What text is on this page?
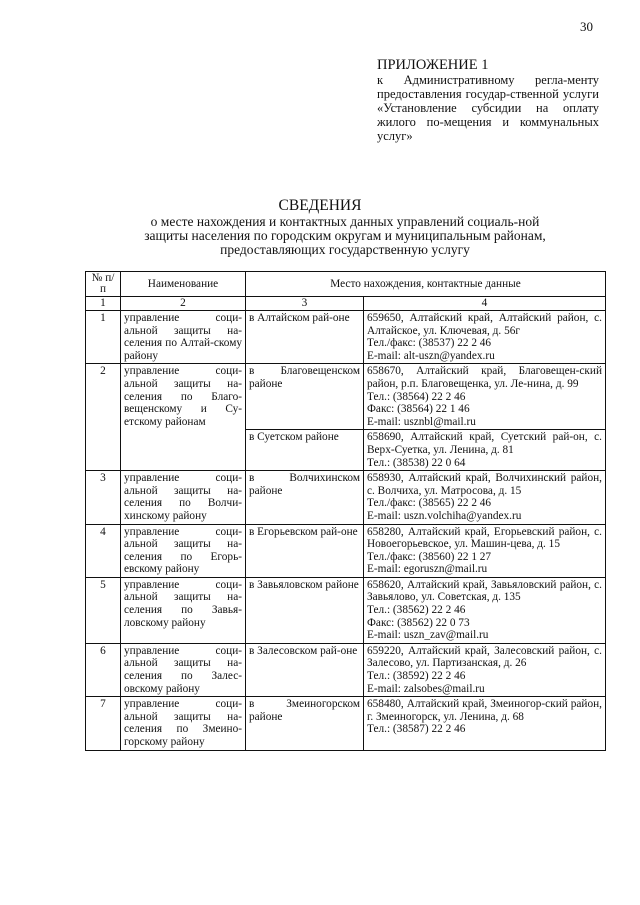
30
ПРИЛОЖЕНИЕ 1
к Административному регла-менту предоставления государ-ственной услуги «Установление субсидии на оплату жилого по-мещения и коммунальных услуг»
СВЕДЕНИЯ
о месте нахождения и контактных данных управлений социаль-ной защиты населения по городским округам и муниципальным районам, предоставляющих государственную услугу
№ п/п	Наименование	Место нахождения, контактные данные	
1	2	3	4
1	управление соци-альной защиты на-селения по Алтай-скому району	в Алтайском рай-оне	659650, Алтайский край, Алтайский район, с. Алтайское, ул. Ключевая, д. 56г
Тел./факс: (38537) 22 2 46
E-mail: alt-uszn@yandex.ru

2	управление соци-альной защиты на-селения по Благо-вещенскому и Су-етскому районам	в Благовещенском районе	658670, Алтайский край, Благовещен-ский район, р.п. Благовещенка, ул. Ле-нина, д. 99
Тел.: (38564) 22 2 46
Факс: (38564) 22 1 46
E-mail: usznbl@mail.ru

		в Суетском районе	658690, Алтайский край, Суетский рай-он, с. Верх-Суетка, ул. Ленина, д. 81
Тел.: (38538) 22 0 64

3	управление соци-альной защиты на-селения по Волчи-хинскому району	в Волчихинском районе	658930, Алтайский край, Волчихинский район, с. Волчиха, ул. Матросова, д. 15
Тел./факс: (38565) 22 2 46
E-mail: uszn.volchiha@yandex.ru

4	управление соци-альной защиты на-селения по Егорь-евскому району	в Егорьевском рай-оне	658280, Алтайский край, Егорьевский район, с. Новоегорьевское, ул. Машин-цева, д. 15
Тел./факс: (38560) 22 1 27
E-mail: egoruszn@mail.ru

5	управление соци-альной защиты на-селения по Завья-ловскому району	в Завьяловском районе	658620, Алтайский край, Завьяловский район, с. Завьялово, ул. Советская, д. 135
Тел.: (38562) 22 2 46
Факс: (38562) 22 0 73
E-mail: uszn_zav@mail.ru

6	управление соци-альной защиты на-селения по Залес-овскому району	в Залесовском рай-оне	659220, Алтайский край, Залесовский район, с. Залесово, ул. Партизанская, д. 26
Тел.: (38592) 22 2 46
E-mail: zalsobes@mail.ru

7	управление соци-альной защиты на-селения по Змеино-горскому району	в Змеиногорском районе	658480, Алтайский край, Змеиногор-ский район, г. Змеиногорск, ул. Ленина, д. 68
Тел.: (38587) 22 2 46
